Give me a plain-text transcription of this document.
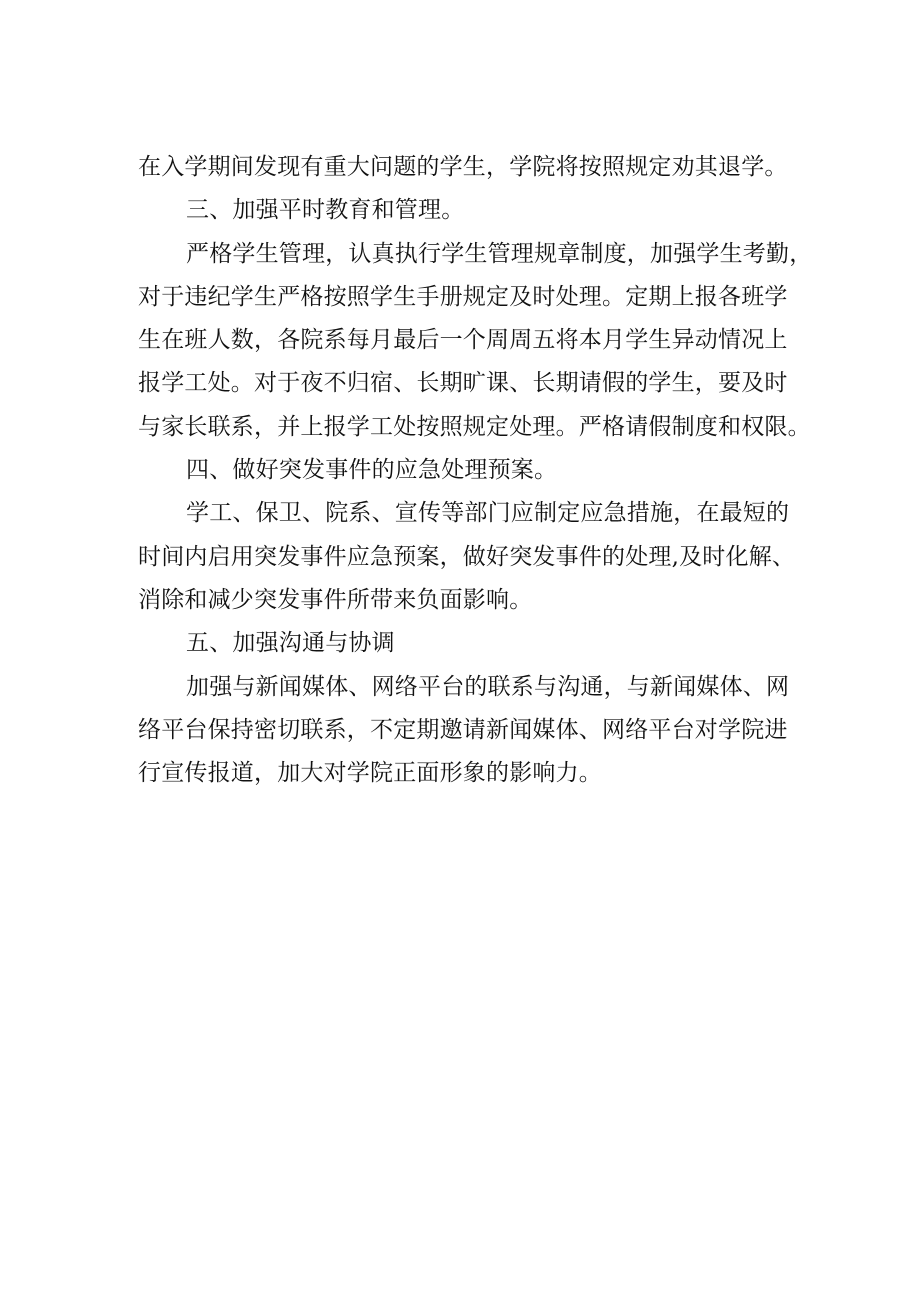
在入学期间发现有重大问题的学生，学院将按照规定劝其退学。
三、加强平时教育和管理。
严格学生管理，认真执行学生管理规章制度，加强学生考勤，
对于违纪学生严格按照学生手册规定及时处理。定期上报各班学
生在班人数，各院系每月最后一个周周五将本月学生异动情况上
报学工处。对于夜不归宿、长期旷课、长期请假的学生，要及时
与家长联系，并上报学工处按照规定处理。严格请假制度和权限。
四、做好突发事件的应急处理预案。
学工、保卫、院系、宣传等部门应制定应急措施，在最短的
时间内启用突发事件应急预案，做好突发事件的处理,及时化解、
消除和减少突发事件所带来负面影响。
五、加强沟通与协调
加强与新闻媒体、网络平台的联系与沟通，与新闻媒体、网
络平台保持密切联系，不定期邀请新闻媒体、网络平台对学院进
行宣传报道，加大对学院正面形象的影响力。
